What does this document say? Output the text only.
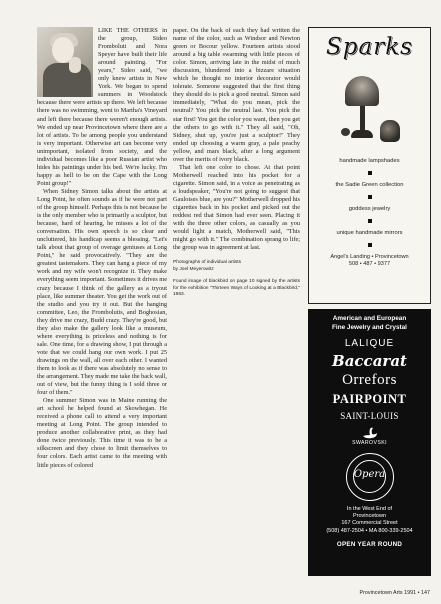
LIKE THE OTHERS in the group, Sideo Fromboluti and Nora Speyer have built their life around painting. "For years," Sideo said, "we only knew artists in New York. We began to spend summers in Woodstock because there were artists up there. We left because there was no swimming, went to Martha's Vineyard and left there because there weren't enough artists. We ended up near Provincetown where there are a lot of artists. To be among people you understand is very important. Otherwise art can become very unimportant, isolated from society, and the individual becomes like a poor Russian artist who hides his paintings under his bed. We're lucky. I'm happy as hell to be on the Cape with the Long Point group!"

When Sidney Simon talks about the artists at Long Point, he often sounds as if he were not part of the group himself. Perhaps this is not because he is the only member who is primarily a sculptor, but because, hard of hearing, he misses a lot of the conversation. His own speech is so clear and uncluttered, his handicap seems a blessing. "Let's talk about that group of overage geniuses at Long Point," he said provocatively. "They are the greatest tastemakers. They can hang a piece of my work and my wife won't recognize it. They make everything seem important. Sometimes it drives me crazy because I think of the gallery as a tryout place, like summer theater. You get the work out of the studio and you try it out. But the hanging committee, Leo, the Frombolutis, and Boghosian, they drive me crazy, Budd crazy. They're good, but they also make the gallery look like a museum, where everything is priceless and nothing is for sale. One time, for a drawing show, I put through a vote that we could hang our own work. I put 25 drawings on the wall, all over each other. I wanted them to look as if there was absolutely no sense to the arrangement. They made me take the back wall, out of view, but the funny thing is I sold three or four of them."

One summer Simon was in Maine running the art school he helped found at Skowhegan. He received a phone call to attend a very important meeting at Long Point. The group intended to produce another collaborative print, as they had done twice previously. This time it was to be a silkscreen and they chose to limit themselves to four colors. Each artist came to the meeting with little pieces of colored

paper. On the back of each they had written the name of the color, such as Windsor and Newton green or Bocour yellow. Fourteen artists stood around a big table swarming with little pieces of color. Simon, arriving late in the midst of much discussion, blundered into a bizzare situation which he thought no interior decorator would tolerate. Someone suggested that the first thing they should do is pick a good neutral. Simon said immediately, "What do you mean, pick the neutral? You pick the neutral last. You pick the star first! You get the color you want, then you get the others to go with it." They all said, "Oh, Sidney, shut up, you're just a sculptor!" They ended up choosing a warm gray, a pale peachy yellow, and mars black, after a long argument over the merits of ivory black.

That left one color to chose. At that point Motherwell reached into his pocket for a cigarette. Simon said, in a voice as penetrating as a loudspeaker, "You're not going to suggest that Gauloises blue, are you?" Motherwell dropped his cigarettes back in his pocket and picked out the reddest red that Simon had ever seen. Placing it with the three other colors, as casually as you would light a match, Motherwell said, "This might go with it." The combination sprang to life; the group was in agreement at last.

Photographs of individual artists
by Joel Meyerowitz
Found image of blackbird on page 10 signed by the artists for the exhibition "Thirteen Ways of Looking at a Blackbird," 1983.
Sparks
handmade lampshades
the Sadie Green collection
goddess jewelry
unique handmade mirrors
Angel's Landing • Provincetown
508 • 487 • 9377
American and European
Fine Jewelry and Crystal
LALIQUE
Baccarat
Orrefors
PAIRPOINT
SAINT-LOUIS
SWAROVSKI
Opera
In the West End of
Provincetown
167 Commercial Street
(508) 487-2504 • MA 800-339-2504
OPEN YEAR ROUND
Provincetown Arts 1991 • 147
